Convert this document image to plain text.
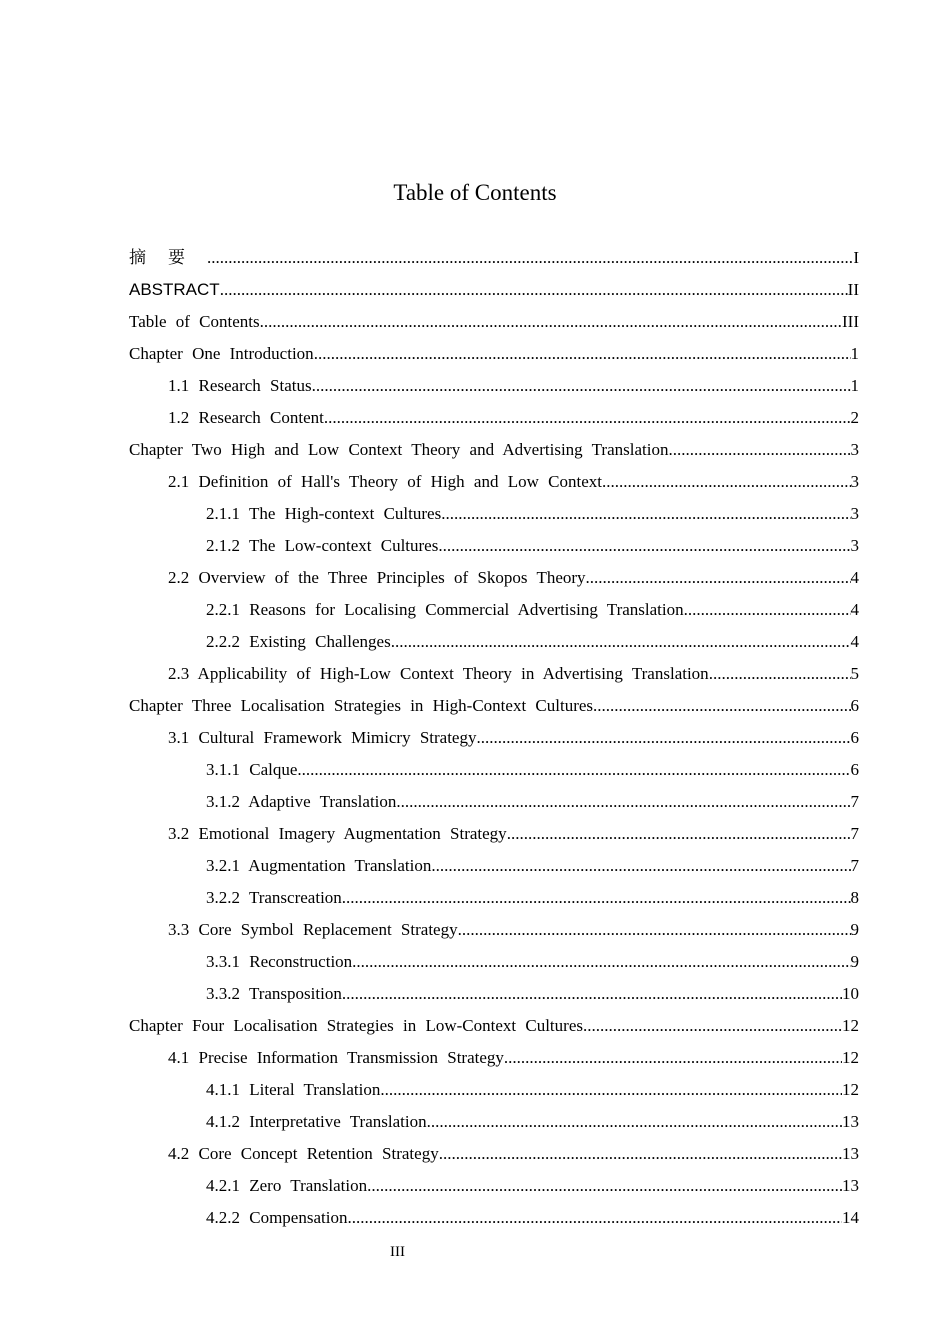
Table of Contents
摘要 .....	I
ABSTRACT .....	II
Table of Contents .....	III
Chapter One Introduction .....	1
1.1 Research Status .....	1
1.2 Research Content .....	2
Chapter Two High and Low Context Theory and Advertising Translation .....	3
2.1 Definition of Hall's Theory of High and Low Context .....	3
2.1.1 The High-context Cultures .....	3
2.1.2 The Low-context Cultures .....	3
2.2 Overview of the Three Principles of Skopos Theory .....	4
2.2.1 Reasons for Localising Commercial Advertising Translation .....	4
2.2.2 Existing Challenges .....	4
2.3 Applicability of High-Low Context Theory in Advertising Translation .....	5
Chapter Three Localisation Strategies in High-Context Cultures .....	6
3.1 Cultural Framework Mimicry Strategy .....	6
3.1.1 Calque .....	6
3.1.2 Adaptive Translation .....	7
3.2 Emotional Imagery Augmentation Strategy .....	7
3.2.1 Augmentation Translation .....	7
3.2.2 Transcreation .....	8
3.3 Core Symbol Replacement Strategy .....	9
3.3.1 Reconstruction .....	9
3.3.2 Transposition .....	10
Chapter Four Localisation Strategies in Low-Context Cultures .....	12
4.1 Precise Information Transmission Strategy .....	12
4.1.1 Literal Translation .....	12
4.1.2 Interpretative Translation .....	13
4.2 Core Concept Retention Strategy .....	13
4.2.1 Zero Translation .....	13
4.2.2 Compensation .....	14
III
